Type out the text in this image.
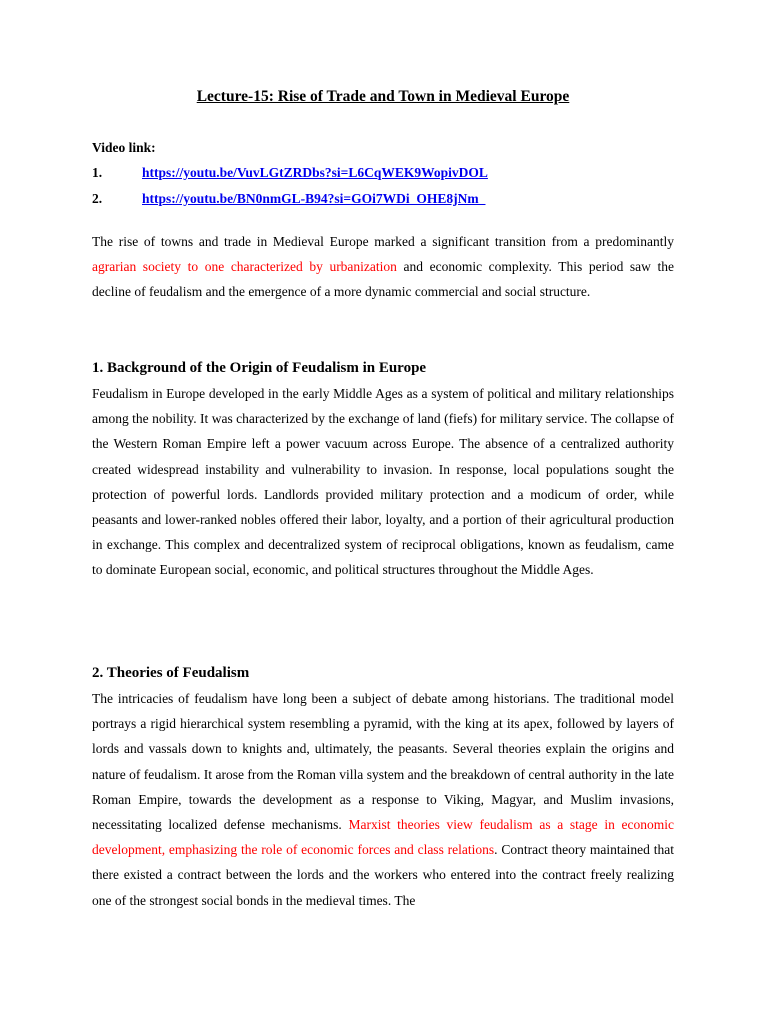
Lecture-15: Rise of Trade and Town in Medieval Europe
Video link:
1.	https://youtu.be/VuvLGtZRDbs?si=L6CqWEK9WopivDOL
2.	https://youtu.be/BN0nmGL-B94?si=GOi7WDi_OHE8jNm_

The rise of towns and trade in Medieval Europe marked a significant transition from a predominantly agrarian society to one characterized by urbanization and economic complexity. This period saw the decline of feudalism and the emergence of a more dynamic commercial and social structure.

1. Background of the Origin of Feudalism in Europe

Feudalism in Europe developed in the early Middle Ages as a system of political and military relationships among the nobility. It was characterized by the exchange of land (fiefs) for military service. The collapse of the Western Roman Empire left a power vacuum across Europe. The absence of a centralized authority created widespread instability and vulnerability to invasion. In response, local populations sought the protection of powerful lords. Landlords provided military protection and a modicum of order, while peasants and lower-ranked nobles offered their labor, loyalty, and a portion of their agricultural production in exchange. This complex and decentralized system of reciprocal obligations, known as feudalism, came to dominate European social, economic, and political structures throughout the Middle Ages.

2. Theories of Feudalism

The intricacies of feudalism have long been a subject of debate among historians. The traditional model portrays a rigid hierarchical system resembling a pyramid, with the king at its apex, followed by layers of lords and vassals down to knights and, ultimately, the peasants. Several theories explain the origins and nature of feudalism. It arose from the Roman villa system and the breakdown of central authority in the late Roman Empire, towards the development as a response to Viking, Magyar, and Muslim invasions, necessitating localized defense mechanisms. Marxist theories view feudalism as a stage in economic development, emphasizing the role of economic forces and class relations. Contract theory maintained that there existed a contract between the lords and the workers who entered into the contract freely realizing one of the strongest social bonds in the medieval times. The
